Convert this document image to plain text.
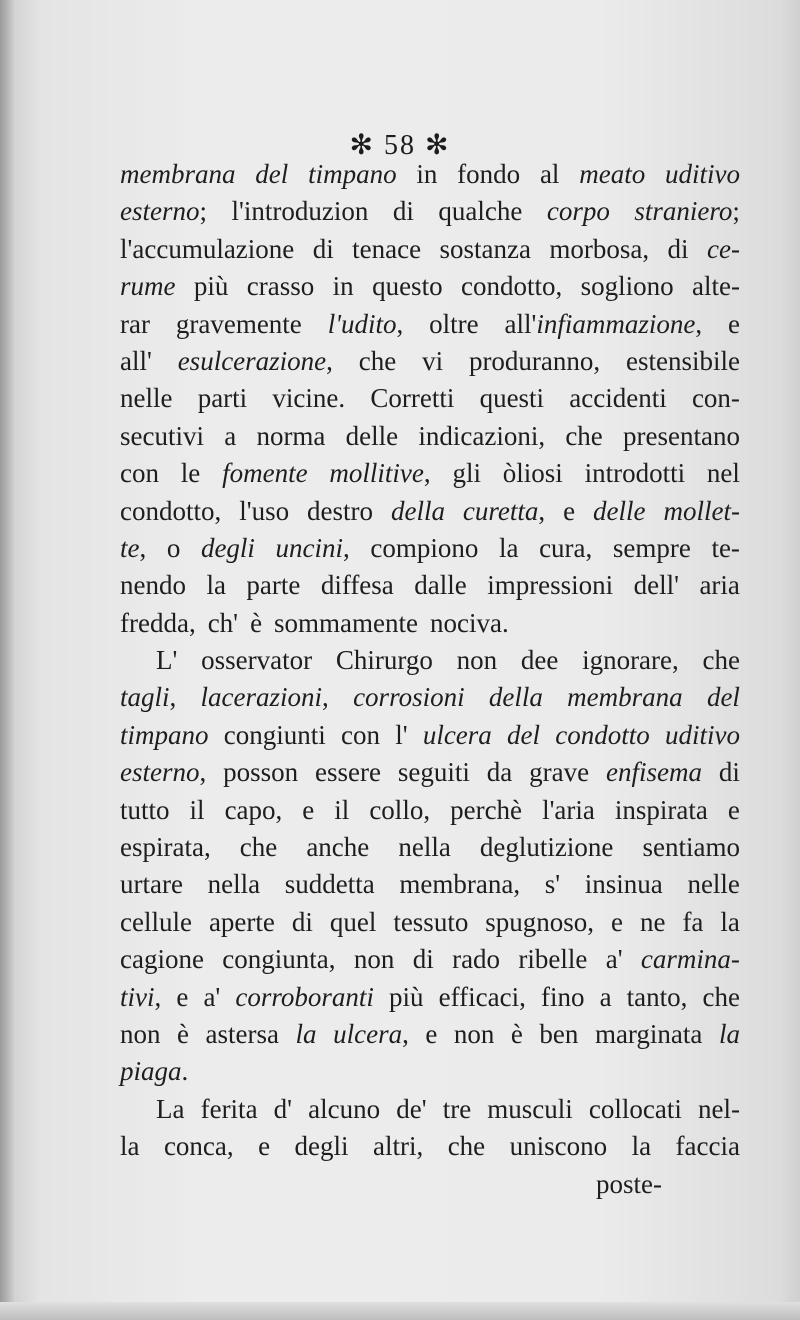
✻ 58 ✻
membrana del timpano in fondo al meato uditivo
esterno; l'introduzion di qualche corpo straniero;
l'accumulazione di tenace sostanza morbosa, di ce-
rume più crasso in questo condotto, sogliono alte-
rar gravemente l'udito, oltre all'infiammazione, e
all' esulcerazione, che vi produranno, estensibile
nelle parti vicine. Corretti questi accidenti con-
secutivi a norma delle indicazioni, che presentano
con le fomente mollitive, gli òliosi introdotti nel
condotto, l'uso destro della curetta, e delle mollet-
te, o degli uncini, compiono la cura, sempre te-
nendo la parte diffesa dalle impressioni dell' aria
fredda, ch' è sommamente nociva.
L' osservator Chirurgo non dee ignorare, che
tagli, lacerazioni, corrosioni della membrana del
timpano congiunti con l' ulcera del condotto uditivo
esterno, posson essere seguiti da grave enfisema di
tutto il capo, e il collo, perchè l'aria inspirata e
espirata, che anche nella deglutizione sentiamo
urtare nella suddetta membrana, s' insinua nelle
cellule aperte di quel tessuto spugnoso, e ne fa la
cagione congiunta, non di rado ribelle a' carmina-
tivi, e a' corroboranti più efficaci, fino a tanto, che
non è astersa la ulcera, e non è ben marginata la
piaga.
La ferita d' alcuno de' tre musculi collocati nel-
la conca, e degli altri, che uniscono la faccia
poste-
